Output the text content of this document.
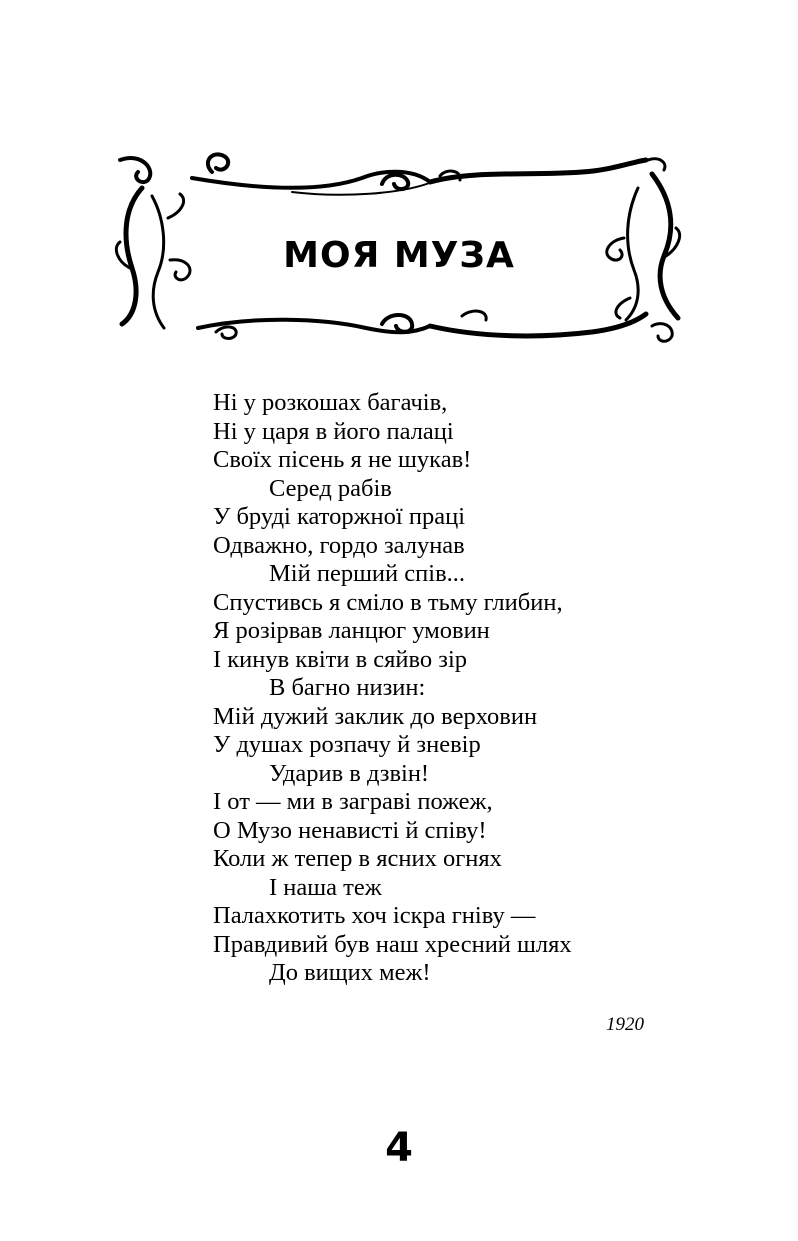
МОЯ МУЗА
Ні у розкошах багачів,
Ні у царя в його палаці
Своїх пісень я не шукав!
Серед рабів
У бруді каторжної праці
Одважно, гордо залунав
Мій перший спів...
Спустивсь я сміло в тьму глибин,
Я розірвав ланцюг умовин
І кинув квіти в сяйво зір
В багно низин:
Мій дужий заклик до верховин
У душах розпачу й зневір
Ударив в дзвін!
І от — ми в заграві пожеж,
О Музо ненависті й співу!
Коли ж тепер в ясних огнях
І наша теж
Палахкотить хоч іскра гніву —
Правдивий був наш хресний шлях
До вищих меж!
1920
4
